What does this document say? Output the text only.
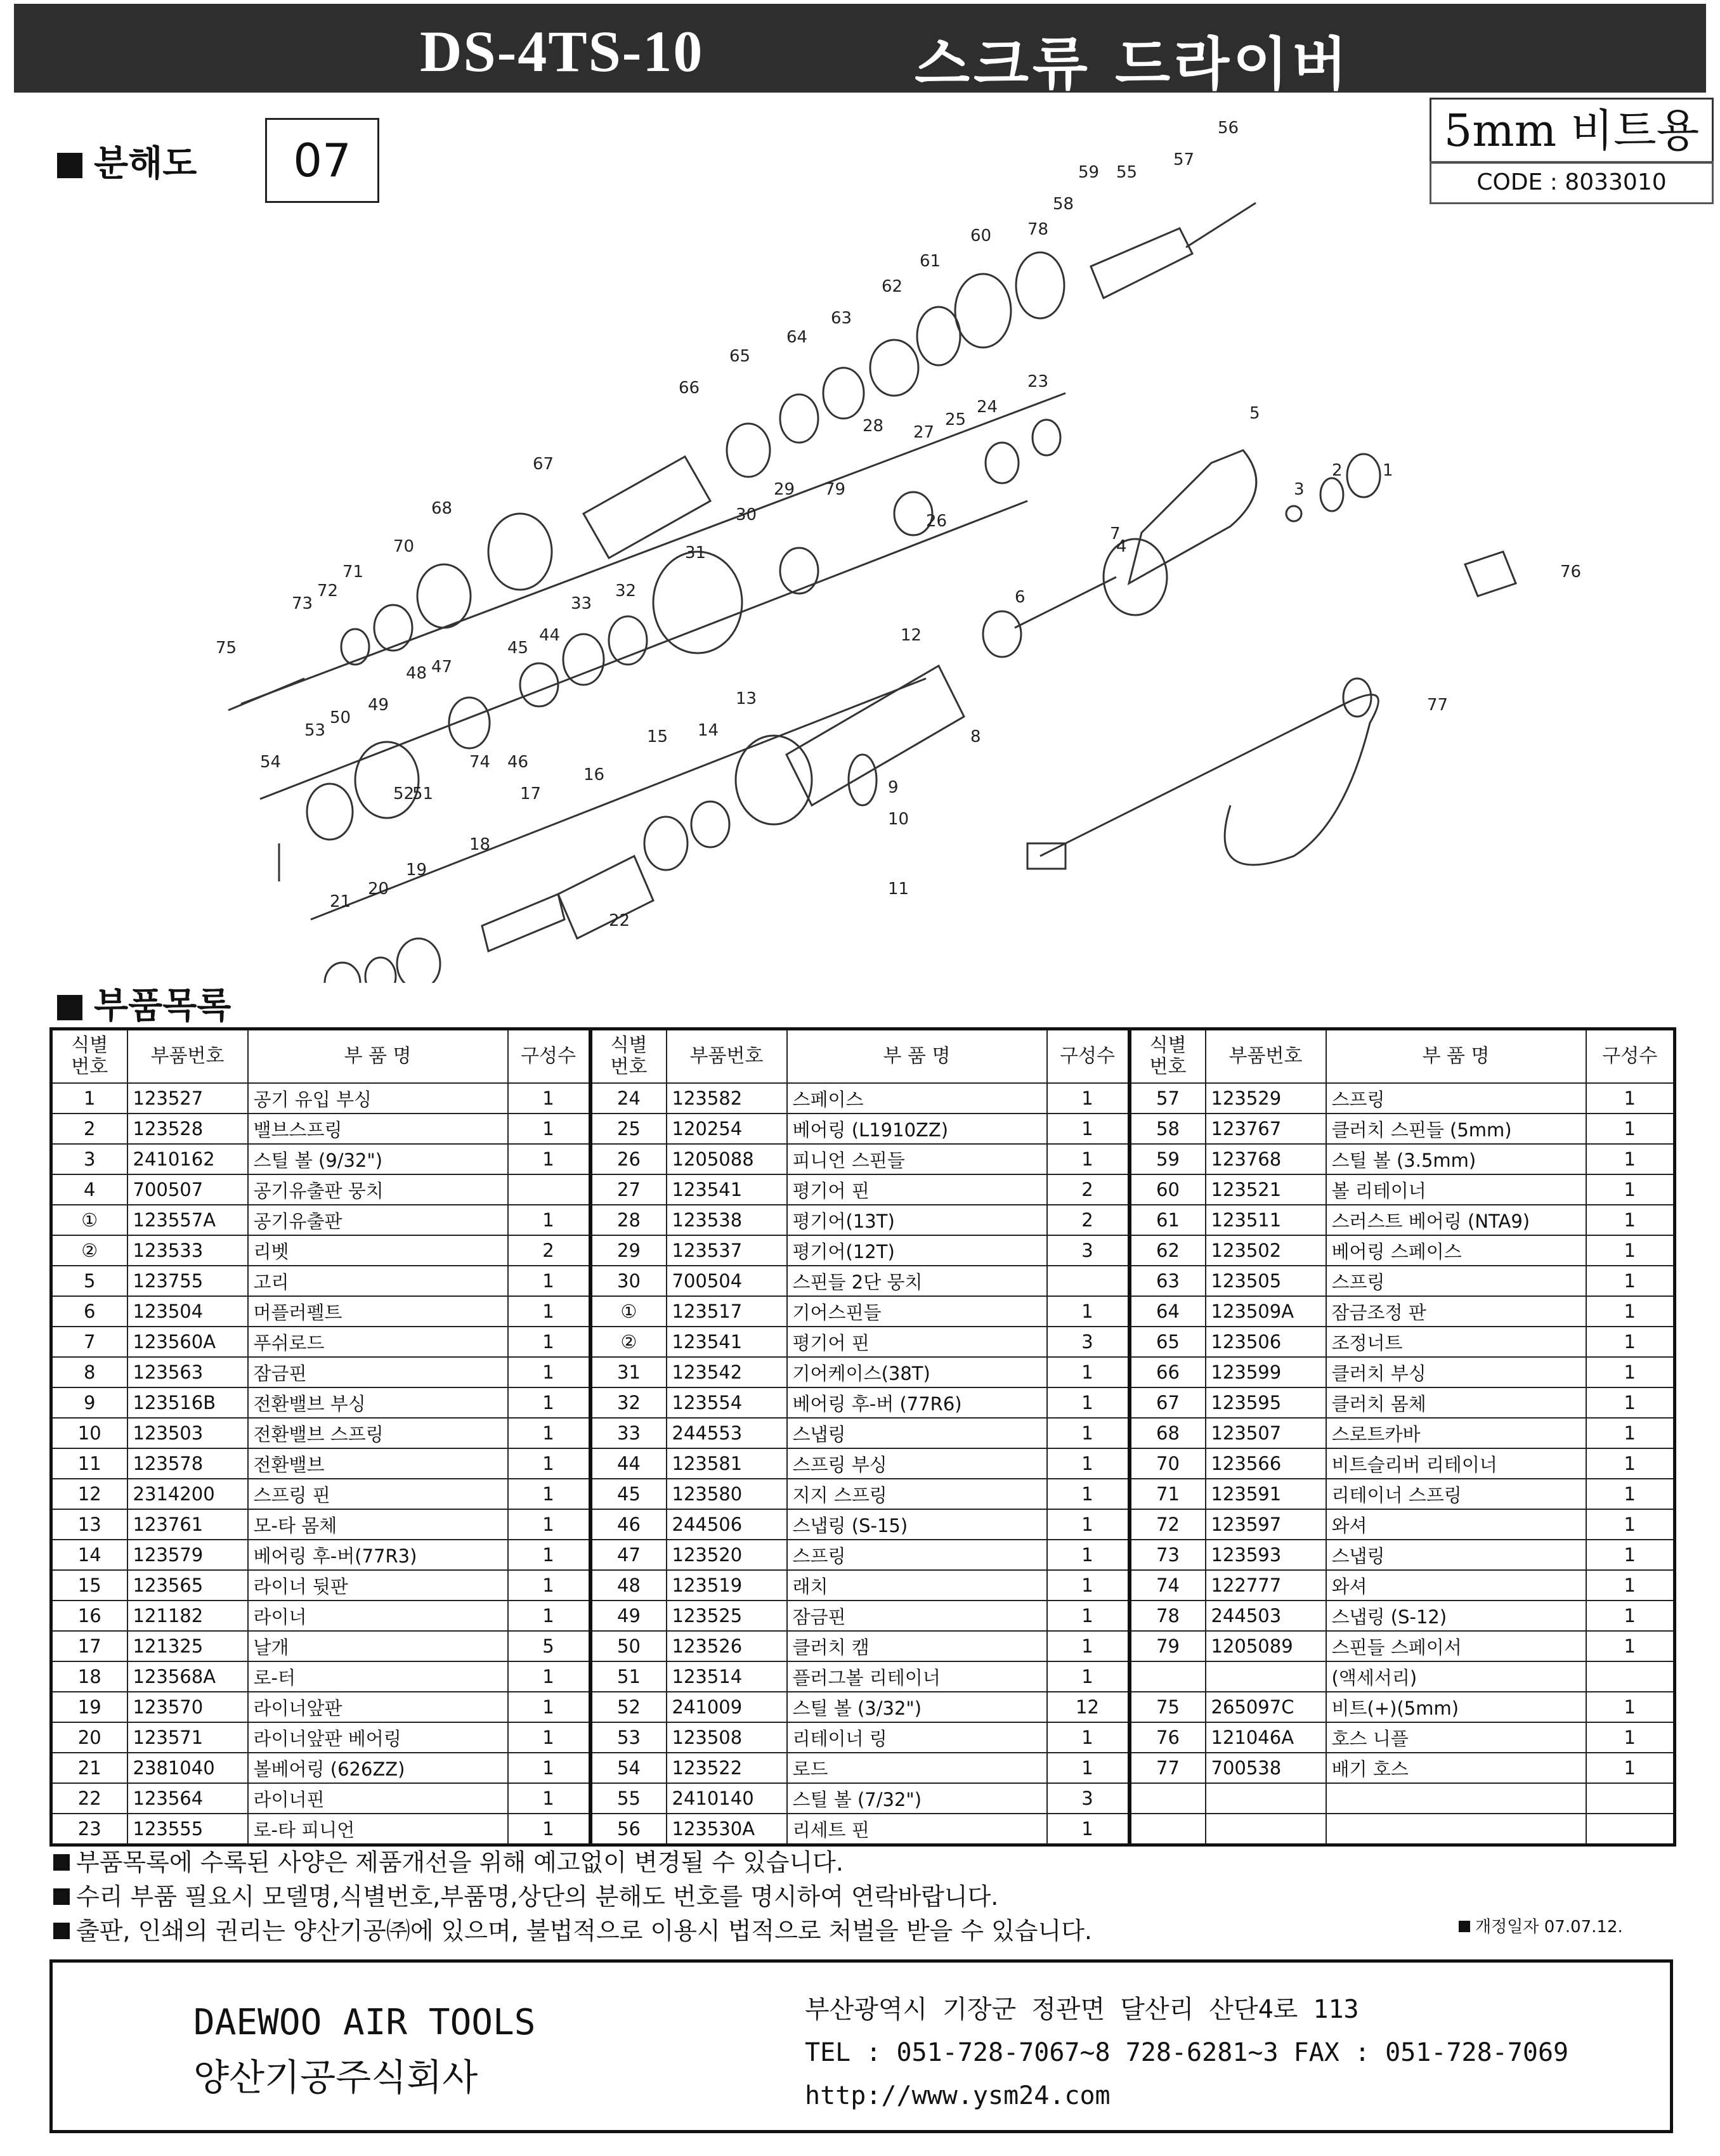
DS-4TS-10	스크류 드라이버
5mm 비트용
CODE : 8033010
분해도	07
1
2
3
4
5
6
7
8
9
10
11
12
13
14
15
16
17
18
19
20
21
22
23
24
25
26
27
28
29
30
31
32
33
44
45
46
47
48
49
50
51
52
53
54
55
56
57
58
59
60
61
62
63
64
65
66
67
68
70
71
72
73
74
75
76
77
78
79
부품목록
식별
번호	부품번호	부 품 명	구성수	식별
번호	부품번호	부 품 명	구성수	식별
번호	부품번호	부 품 명	구성수
1	123527	공기 유입 부싱	1	24	123582	스페이스	1	57	123529	스프링	1
2	123528	밸브스프링	1	25	120254	베어링 (L1910ZZ)	1	58	123767	클러치 스핀들 (5mm)	1
3	2410162	스틸 볼 (9/32")	1	26	1205088	피니언 스핀들	1	59	123768	스틸 볼 (3.5mm)	1
4	700507	공기유출판 뭉치		27	123541	평기어 핀	2	60	123521	볼 리테이너	1
①	123557A	공기유출판	1	28	123538	평기어(13T)	2	61	123511	스러스트 베어링 (NTA9)	1
②	123533	리벳	2	29	123537	평기어(12T)	3	62	123502	베어링 스페이스	1
5	123755	고리	1	30	700504	스핀들 2단 뭉치		63	123505	스프링	1
6	123504	머플러펠트	1	①	123517	기어스핀들	1	64	123509A	잠금조정 판	1
7	123560A	푸쉬로드	1	②	123541	평기어 핀	3	65	123506	조정너트	1
8	123563	잠금핀	1	31	123542	기어케이스(38T)	1	66	123599	클러치 부싱	1
9	123516B	전환밸브 부싱	1	32	123554	베어링 후-버 (77R6)	1	67	123595	클러치 몸체	1
10	123503	전환밸브 스프링	1	33	244553	스냅링	1	68	123507	스로트카바	1
11	123578	전환밸브	1	44	123581	스프링 부싱	1	70	123566	비트슬리버 리테이너	1
12	2314200	스프링 핀	1	45	123580	지지 스프링	1	71	123591	리테이너 스프링	1
13	123761	모-타 몸체	1	46	244506	스냅링 (S-15)	1	72	123597	와셔	1
14	123579	베어링 후-버(77R3)	1	47	123520	스프링	1	73	123593	스냅링	1
15	123565	라이너 뒷판	1	48	123519	래치	1	74	122777	와셔	1
16	121182	라이너	1	49	123525	잠금핀	1	78	244503	스냅링 (S-12)	1
17	121325	날개	5	50	123526	클러치 캠	1	79	1205089	스핀들 스페이서	1
18	123568A	로-터	1	51	123514	플러그볼 리테이너	1			(액세서리)	
19	123570	라이너앞판	1	52	241009	스틸 볼 (3/32")	12	75	265097C	비트(+)(5mm)	1
20	123571	라이너앞판 베어링	1	53	123508	리테이너 링	1	76	121046A	호스 니플	1
21	2381040	볼베어링 (626ZZ)	1	54	123522	로드	1	77	700538	배기 호스	1
22	123564	라이너핀	1	55	2410140	스틸 볼 (7/32")	3				
23	123555	로-타 피니언	1	56	123530A	리세트 핀	1				
부품목록에 수록된 사양은 제품개선을 위해 예고없이 변경될 수 있습니다.
수리 부품 필요시 모델명,식별번호,부품명,상단의 분해도 번호를 명시하여 연락바랍니다.
출판, 인쇄의 권리는 양산기공㈜에 있으며, 불법적으로 이용시 법적으로 처벌을 받을 수 있습니다.	개정일자 07.07.12.
DAEWOO AIR TOOLS
양산기공주식회사
부산광역시 기장군 정관면 달산리 산단4로 113
TEL : 051-728-7067~8 728-6281~3 FAX : 051-728-7069
http://www.ysm24.com
